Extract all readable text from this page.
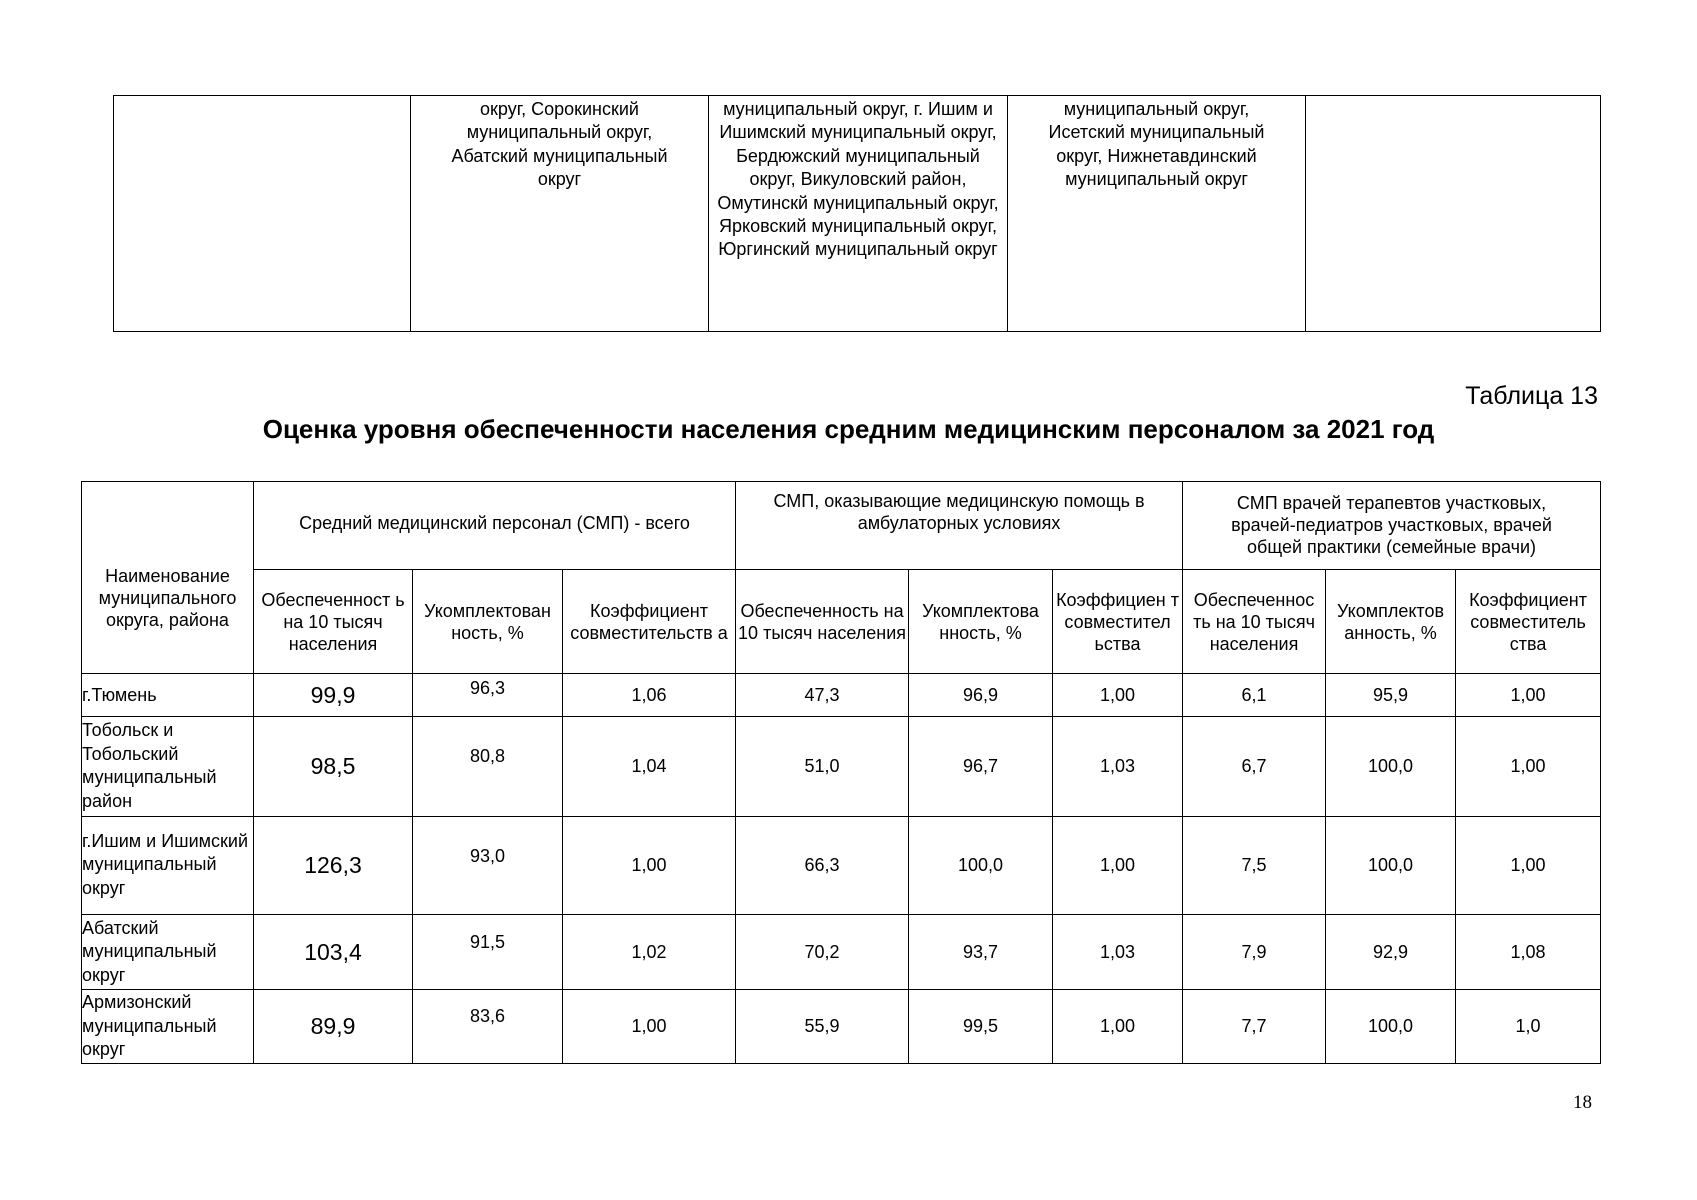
	округ, Сорокинский муниципальный округ, Абатский муниципальный округ	муниципальный округ, г. Ишим и Ишимский муниципальный округ, Бердюжский муниципальный округ, Викуловский район, Омутинскй муниципальный округ, Ярковский муниципальный округ, Юргинский муниципальный округ	муниципальный округ, Исетский муниципальный округ, Нижнетавдинский муниципальный округ	
Таблица 13
Оценка уровня обеспеченности населения средним медицинским персоналом за 2021 год
Наименование муниципального округа, района	Средний медицинский персонал (СМП) - всего			СМП, оказывающие медицинскую помощь в амбулаторных условиях			СМП врачей терапевтов участковых, врачей-педиатров участковых, врачей общей практики (семейные врачи)		
	Обеспеченност ь на 10 тысяч населения	Укомплектован ность, %	Коэффициент совместительств а	Обеспеченность на 10 тысяч населения	Укомплектова нность, %	Коэффициен т совместител ьства	Обеспеченнос ть на 10 тысяч населения	Укомплектов анность, %	Коэффициент совместитель ства
г.Тюмень	99,9	96,3	1,06	47,3	96,9	1,00	6,1	95,9	1,00
Тобольск и Тобольский муниципальный район	98,5	80,8	1,04	51,0	96,7	1,03	6,7	100,0	1,00
г.Ишим и Ишимский муниципальный округ	126,3	93,0	1,00	66,3	100,0	1,00	7,5	100,0	1,00
Абатский муниципальный округ	103,4	91,5	1,02	70,2	93,7	1,03	7,9	92,9	1,08
Армизонский муниципальный округ	89,9	83,6	1,00	55,9	99,5	1,00	7,7	100,0	1,0
18
